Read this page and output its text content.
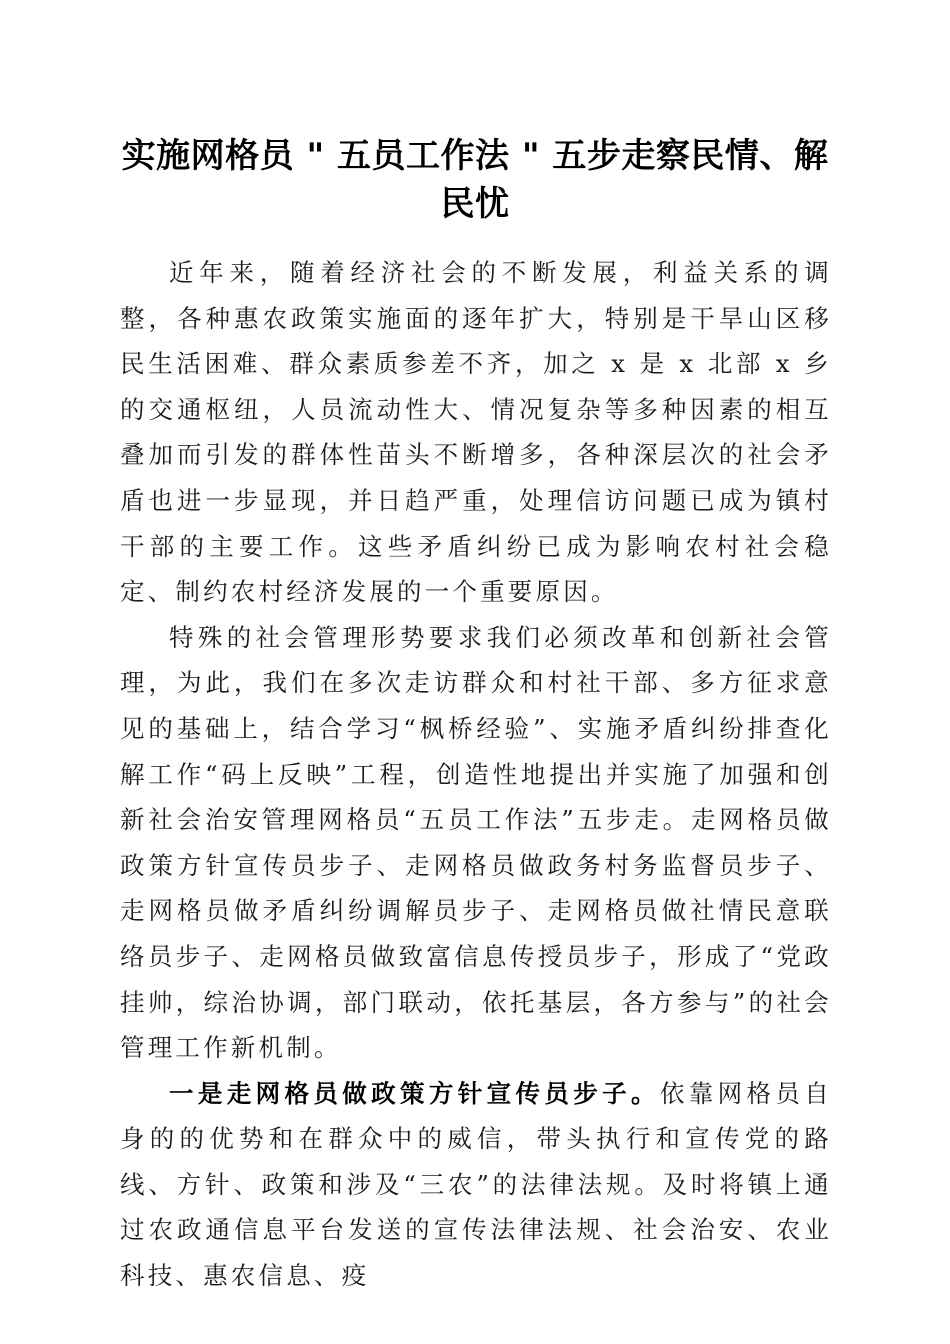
实施网格员 " 五员工作法 " 五步走察民情、解民忧

近年来，随着经济社会的不断发展，利益关系的调整，各种惠农政策实施面的逐年扩大，特别是干旱山区移民生活困难、群众素质参差不齐，加之 x 是 x 北部 x 乡的交通枢纽，人员流动性大、情况复杂等多种因素的相互叠加而引发的群体性苗头不断增多，各种深层次的社会矛盾也进一步显现，并日趋严重，处理信访问题已成为镇村干部的主要工作。这些矛盾纠纷已成为影响农村社会稳定、制约农村经济发展的一个重要原因。

特殊的社会管理形势要求我们必须改革和创新社会管理，为此，我们在多次走访群众和村社干部、多方征求意见的基础上，结合学习“枫桥经验”、实施矛盾纠纷排查化解工作“码上反映”工程，创造性地提出并实施了加强和创新社会治安管理网格员“五员工作法”五步走。走网格员做政策方针宣传员步子、走网格员做政务村务监督员步子、走网格员做矛盾纠纷调解员步子、走网格员做社情民意联络员步子、走网格员做致富信息传授员步子，形成了“党政挂帅，综治协调，部门联动，依托基层，各方参与”的社会管理工作新机制。

一是走网格员做政策方针宣传员步子。依靠网格员自身的的优势和在群众中的威信，带头执行和宣传党的路线、方针、政策和涉及“三农”的法律法规。及时将镇上通过农政通信息平台发送的宣传法律法规、社会治安、农业科技、惠农信息、疫
